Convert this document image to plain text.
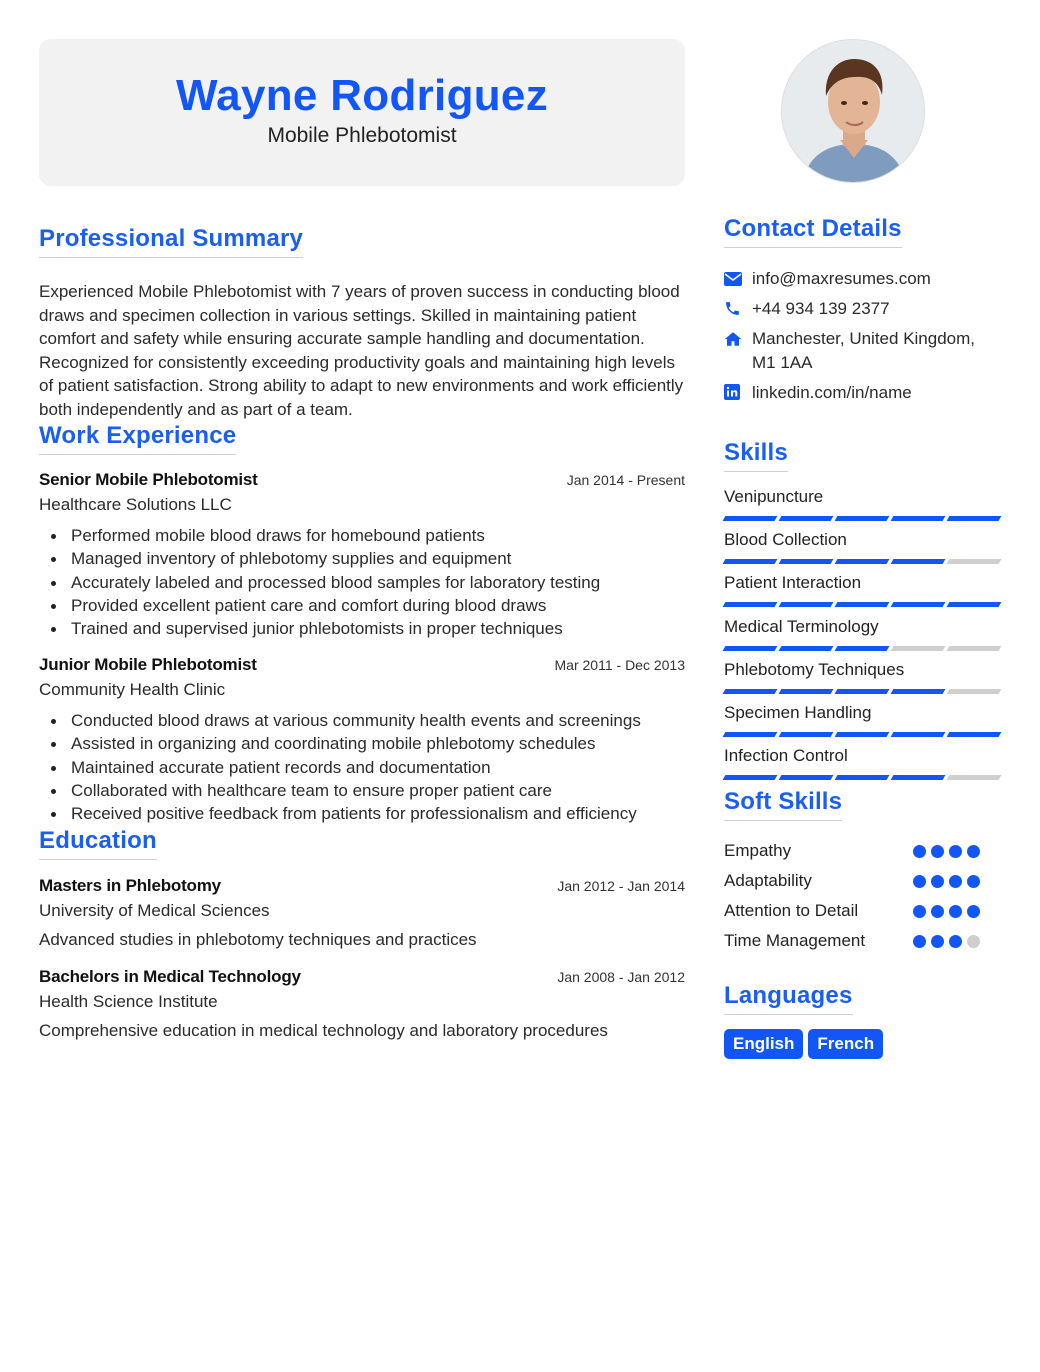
Wayne Rodriguez
Mobile Phlebotomist
Professional Summary
Experienced Mobile Phlebotomist with 7 years of proven success in conducting blood draws and specimen collection in various settings. Skilled in maintaining patient comfort and safety while ensuring accurate sample handling and documentation. Recognized for consistently exceeding productivity goals and maintaining high levels of patient satisfaction. Strong ability to adapt to new environments and work efficiently both independently and as part of a team.
Work Experience
Senior Mobile Phlebotomist	Jan 2014 - Present
Healthcare Solutions LLC
Performed mobile blood draws for homebound patients
Managed inventory of phlebotomy supplies and equipment
Accurately labeled and processed blood samples for laboratory testing
Provided excellent patient care and comfort during blood draws
Trained and supervised junior phlebotomists in proper techniques
Junior Mobile Phlebotomist	Mar 2011 - Dec 2013
Community Health Clinic
Conducted blood draws at various community health events and screenings
Assisted in organizing and coordinating mobile phlebotomy schedules
Maintained accurate patient records and documentation
Collaborated with healthcare team to ensure proper patient care
Received positive feedback from patients for professionalism and efficiency
Education
Masters in Phlebotomy	Jan 2012 - Jan 2014
University of Medical Sciences
Advanced studies in phlebotomy techniques and practices
Bachelors in Medical Technology	Jan 2008 - Jan 2012
Health Science Institute
Comprehensive education in medical technology and laboratory procedures
Contact Details
info@maxresumes.com
+44 934 139 2377
Manchester, United Kingdom, M1 1AA
linkedin.com/in/name
Skills
Venipuncture
Blood Collection
Patient Interaction
Medical Terminology
Phlebotomy Techniques
Specimen Handling
Infection Control
Soft Skills
Empathy
Adaptability
Attention to Detail
Time Management
Languages
English	French
